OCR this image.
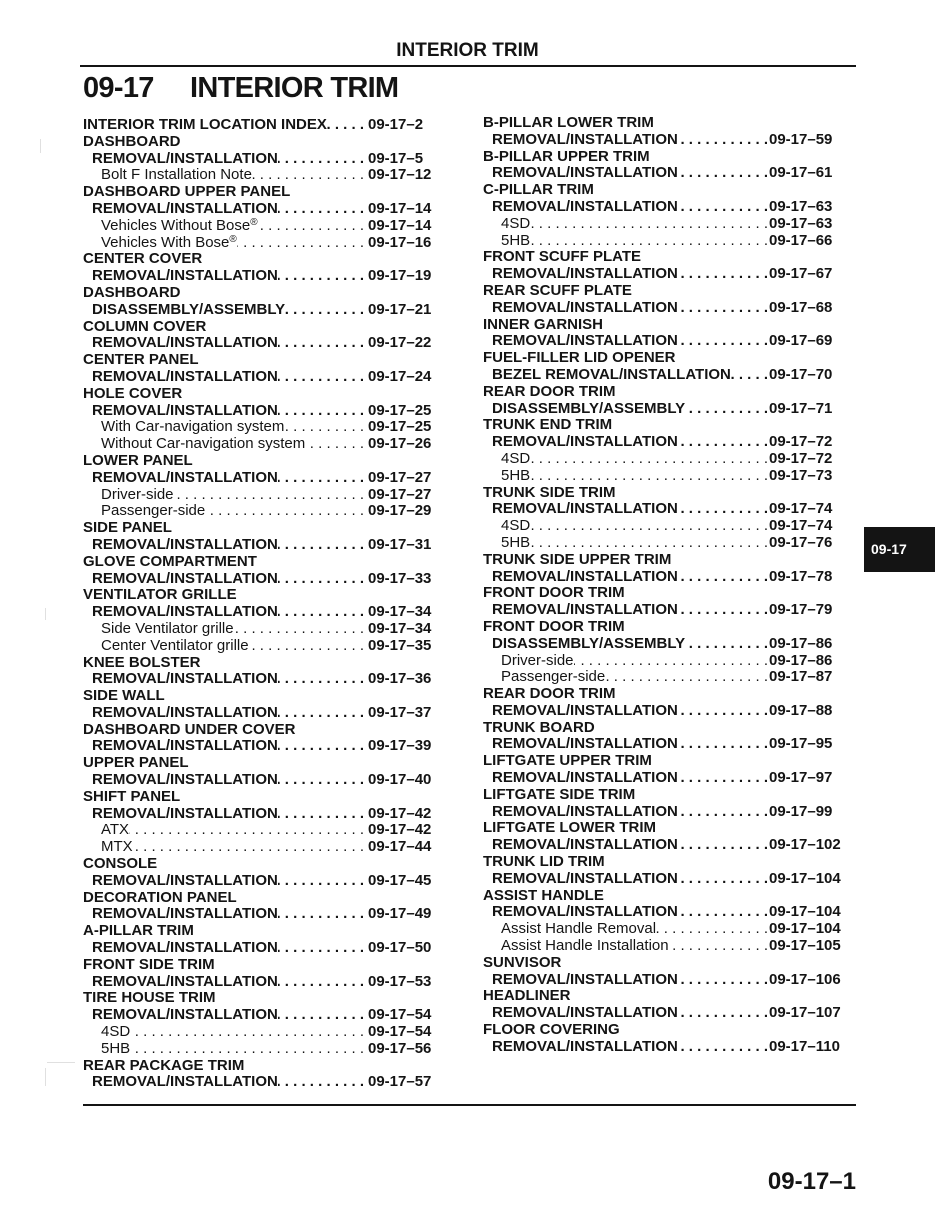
INTERIOR TRIM
09-17 INTERIOR TRIM
INTERIOR TRIM LOCATION INDEX . . .	09-17–2
DASHBOARD
REMOVAL/INSTALLATION . . .	09-17–5
Bolt F Installation Note . . .	09-17–12
DASHBOARD UPPER PANEL
REMOVAL/INSTALLATION . . .	09-17–14
Vehicles Without Bose® . . .	09-17–14
Vehicles With Bose® . . .	09-17–16
CENTER COVER
REMOVAL/INSTALLATION . . .	09-17–19
DASHBOARD
DISASSEMBLY/ASSEMBLY . . .	09-17–21
COLUMN COVER
REMOVAL/INSTALLATION . . .	09-17–22
CENTER PANEL
REMOVAL/INSTALLATION . . .	09-17–24
HOLE COVER
REMOVAL/INSTALLATION . . .	09-17–25
With Car-navigation system . . .	09-17–25
Without Car-navigation system . . .	09-17–26
LOWER PANEL
REMOVAL/INSTALLATION . . .	09-17–27
Driver-side . . .	09-17–27
Passenger-side . . .	09-17–29
SIDE PANEL
REMOVAL/INSTALLATION . . .	09-17–31
GLOVE COMPARTMENT
REMOVAL/INSTALLATION . . .	09-17–33
VENTILATOR GRILLE
REMOVAL/INSTALLATION . . .	09-17–34
Side Ventilator grille . . .	09-17–34
Center Ventilator grille . . .	09-17–35
KNEE BOLSTER
REMOVAL/INSTALLATION . . .	09-17–36
SIDE WALL
REMOVAL/INSTALLATION . . .	09-17–37
DASHBOARD UNDER COVER
REMOVAL/INSTALLATION . . .	09-17–39
UPPER PANEL
REMOVAL/INSTALLATION . . .	09-17–40
SHIFT PANEL
REMOVAL/INSTALLATION . . .	09-17–42
ATX . . .	09-17–42
MTX . . .	09-17–44
CONSOLE
REMOVAL/INSTALLATION . . .	09-17–45
DECORATION PANEL
REMOVAL/INSTALLATION . . .	09-17–49
A-PILLAR TRIM
REMOVAL/INSTALLATION . . .	09-17–50
FRONT SIDE TRIM
REMOVAL/INSTALLATION . . .	09-17–53
TIRE HOUSE TRIM
REMOVAL/INSTALLATION . . .	09-17–54
4SD . . .	09-17–54
5HB . . .	09-17–56
REAR PACKAGE TRIM
REMOVAL/INSTALLATION . . .	09-17–57
B-PILLAR LOWER TRIM
REMOVAL/INSTALLATION . . .	09-17–59
B-PILLAR UPPER TRIM
REMOVAL/INSTALLATION . . .	09-17–61
C-PILLAR TRIM
REMOVAL/INSTALLATION . . .	09-17–63
4SD . . .	09-17–63
5HB . . .	09-17–66
FRONT SCUFF PLATE
REMOVAL/INSTALLATION . . .	09-17–67
REAR SCUFF PLATE
REMOVAL/INSTALLATION . . .	09-17–68
INNER GARNISH
REMOVAL/INSTALLATION . . .	09-17–69
FUEL-FILLER LID OPENER
BEZEL REMOVAL/INSTALLATION . . .	09-17–70
REAR DOOR TRIM
DISASSEMBLY/ASSEMBLY . . .	09-17–71
TRUNK END TRIM
REMOVAL/INSTALLATION . . .	09-17–72
4SD . . .	09-17–72
5HB . . .	09-17–73
TRUNK SIDE TRIM
REMOVAL/INSTALLATION . . .	09-17–74
4SD . . .	09-17–74
5HB . . .	09-17–76
TRUNK SIDE UPPER TRIM
REMOVAL/INSTALLATION . . .	09-17–78
FRONT DOOR TRIM
REMOVAL/INSTALLATION . . .	09-17–79
FRONT DOOR TRIM
DISASSEMBLY/ASSEMBLY . . .	09-17–86
Driver-side . . .	09-17–86
Passenger-side . . .	09-17–87
REAR DOOR TRIM
REMOVAL/INSTALLATION . . .	09-17–88
TRUNK BOARD
REMOVAL/INSTALLATION . . .	09-17–95
LIFTGATE UPPER TRIM
REMOVAL/INSTALLATION . . .	09-17–97
LIFTGATE SIDE TRIM
REMOVAL/INSTALLATION . . .	09-17–99
LIFTGATE LOWER TRIM
REMOVAL/INSTALLATION . . .	09-17–102
TRUNK LID TRIM
REMOVAL/INSTALLATION . . .	09-17–104
ASSIST HANDLE
REMOVAL/INSTALLATION . . .	09-17–104
Assist Handle Removal . . .	09-17–104
Assist Handle Installation . . .	09-17–105
SUNVISOR
REMOVAL/INSTALLATION . . .	09-17–106
HEADLINER
REMOVAL/INSTALLATION . . .	09-17–107
FLOOR COVERING
REMOVAL/INSTALLATION . . .	09-17–110
09-17
09-17–1
